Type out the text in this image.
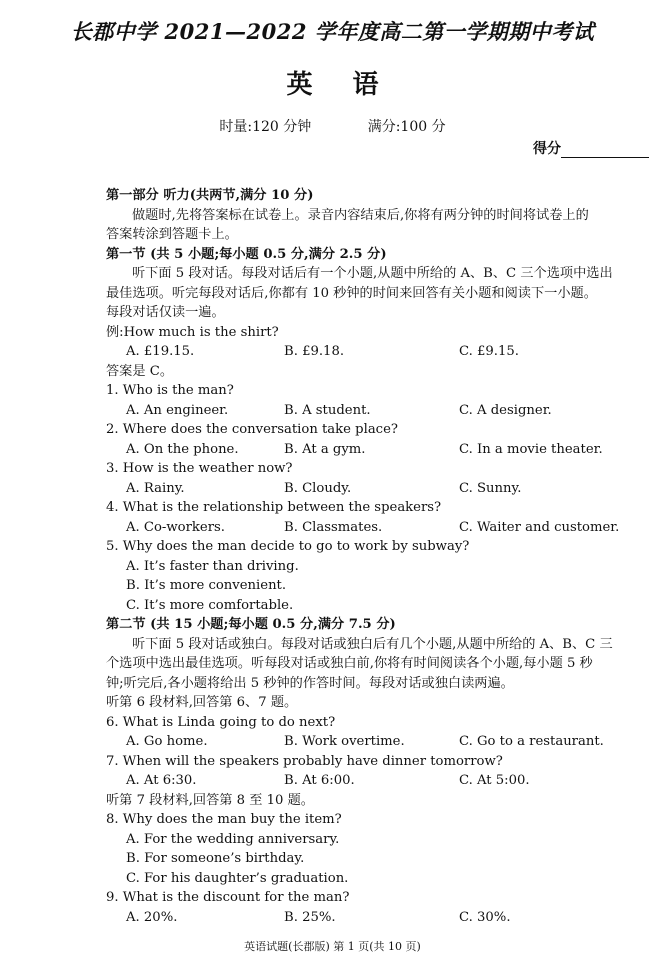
长郡中学 2021—2022 学年度高二第一学期期中考试
英语
时量:120 分钟	满分:100 分
得分
第一部分 听力(共两节,满分 10 分)
做题时,先将答案标在试卷上。录音内容结束后,你将有两分钟的时间将试卷上的
答案转涂到答题卡上。
第一节 (共 5 小题;每小题 0.5 分,满分 2.5 分)
听下面 5 段对话。每段对话后有一个小题,从题中所给的 A、B、C 三个选项中选出
最佳选项。听完每段对话后,你都有 10 秒钟的时间来回答有关小题和阅读下一小题。
每段对话仅读一遍。
例:How much is the shirt?
A. £19.15.	B. £9.18.	C. £9.15.
答案是 C。
1. Who is the man?
A. An engineer.	B. A student.	C. A designer.
2. Where does the conversation take place?
A. On the phone.	B. At a gym.	C. In a movie theater.
3. How is the weather now?
A. Rainy.	B. Cloudy.	C. Sunny.
4. What is the relationship between the speakers?
A. Co-workers.	B. Classmates.	C. Waiter and customer.
5. Why does the man decide to go to work by subway?
A. It’s faster than driving.
B. It’s more convenient.
C. It’s more comfortable.
第二节 (共 15 小题;每小题 0.5 分,满分 7.5 分)
听下面 5 段对话或独白。每段对话或独白后有几个小题,从题中所给的 A、B、C 三
个选项中选出最佳选项。听每段对话或独白前,你将有时间阅读各个小题,每小题 5 秒
钟;听完后,各小题将给出 5 秒钟的作答时间。每段对话或独白读两遍。
听第 6 段材料,回答第 6、7 题。
6. What is Linda going to do next?
A. Go home.	B. Work overtime.	C. Go to a restaurant.
7. When will the speakers probably have dinner tomorrow?
A. At 6:30.	B. At 6:00.	C. At 5:00.
听第 7 段材料,回答第 8 至 10 题。
8. Why does the man buy the item?
A. For the wedding anniversary.
B. For someone’s birthday.
C. For his daughter’s graduation.
9. What is the discount for the man?
A. 20%.	B. 25%.	C. 30%.
英语试题(长郡版) 第 1 页(共 10 页)
